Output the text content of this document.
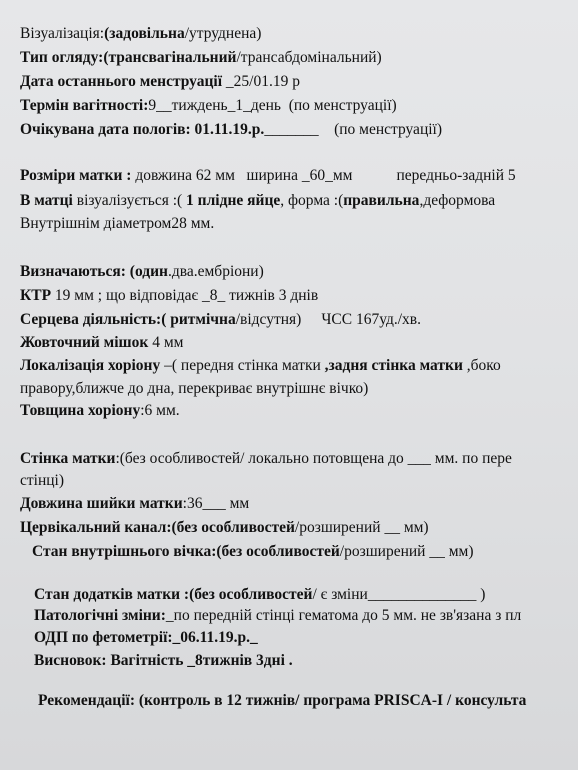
Візуалізація:(задовільна/утруднена)
Тип огляду:(трансвагінальний/трансабдомінальний)
Дата останнього менструації _25/01.19 р
Термін вагітності:9__тиждень_1_день (по менструації)
Очікувана дата пологів: 01.11.19.р._______ (по менструації)
Розміри матки : довжина 62 мм ширина _60_мм	передньо-задній 5
В матці візуалізується :( 1 плідне яйце, форма :(правильна,деформова
Внутрішнім діаметром28 мм.
Визначаються: (один.два.ембріони)
КТР 19 мм ; що відповідає _8_ тижнів 3 днів
Серцева діяльність:( ритмічна/відсутня) ЧСС 167уд./хв.
Жовточний мішок 4 мм
Локалізація хоріону –( передня стінка матки ,задня стінка матки ,боко
правору,ближче до дна, перекриває внутрішнє вічко)
Товщина хоріону:6 мм.
Стінка матки:(без особливостей/ локально потовщена до ___ мм. по пере
стінці)
Довжина шийки матки:36___ мм
Цервікальний канал:(без особливостей/розширений __ мм)
Стан внутрішнього вічка:(без особливостей/розширений __ мм)
Стан додатків матки :(без особливостей/ є зміни______________ )
Патологічні зміни:_по передній стінці гематома до 5 мм. не зв'язана з пл
ОДП по фетометрії:_06.11.19.р._
Висновок: Вагітність _8тижнів 3дні .
Рекомендації: (контроль в 12 тижнів/ програма PRISCA-I / консульта
